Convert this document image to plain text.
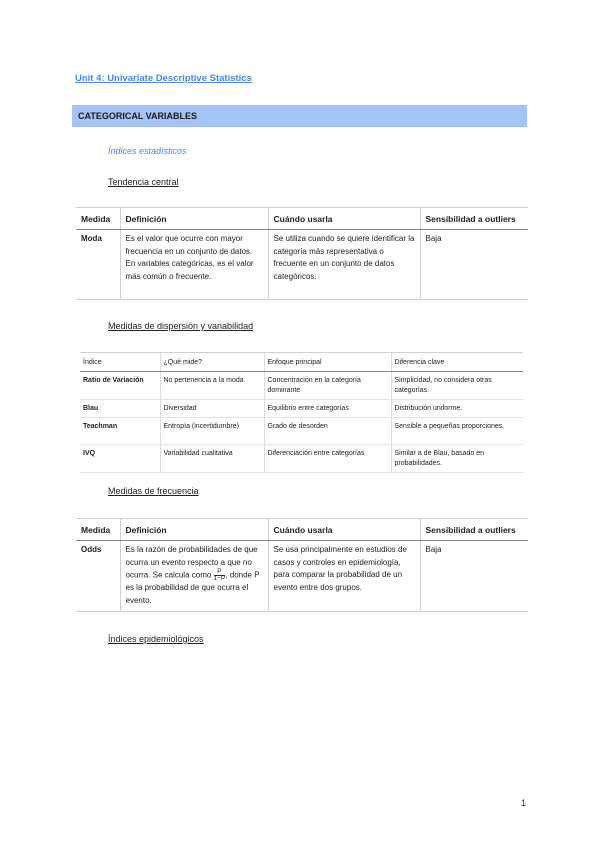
Unit 4: Univariate Descriptive Statistics
CATEGORICAL VARIABLES
Índices estadísticos
Tendencia central
Medida	Definición	Cuándo usarla	Sensibilidad a outliers
Moda	Es el valor que ocurre con mayor frecuencia en un conjunto de datos. En variables categóricas, es el valor más común o frecuente.	Se utiliza cuando se quiere identificar la categoría más representativa o frecuente en un conjunto de datos categóricos.	Baja
Medidas de dispersión y variabilidad
Índice	¿Qué mide?	Enfoque principal	Diferencia clave
Ratio de Variación	No pertenencia a la moda	Concentración en la categoría dominante	Simplicidad, no considera otras categorías.
Blau	Diversidad	Equilibrio entre categorías	Distribución uniforme.
Teachman	Entropía (incertidumbre)	Grado de desorden	Sensible a pequeñas proporciones.
IVQ	Variabilidad cualitativa	Diferenciación entre categorías	Similar a de Blau, basado en probabilidades.
Medidas de frecuencia
Medida	Definición	Cuándo usarla	Sensibilidad a outliers
Odds	Es la razón de probabilidades de que ocurra un evento respecto a que no ocurra. Se calcula como $\frac{P}{1-P}$ , donde P es la probabilidad de que ocurra el evento.	Se usa principalmente en estudios de casos y controles en epidemiología, para comparar la probabilidad de un evento entre dos grupos.	Baja
Índices epidemiológicos
1
